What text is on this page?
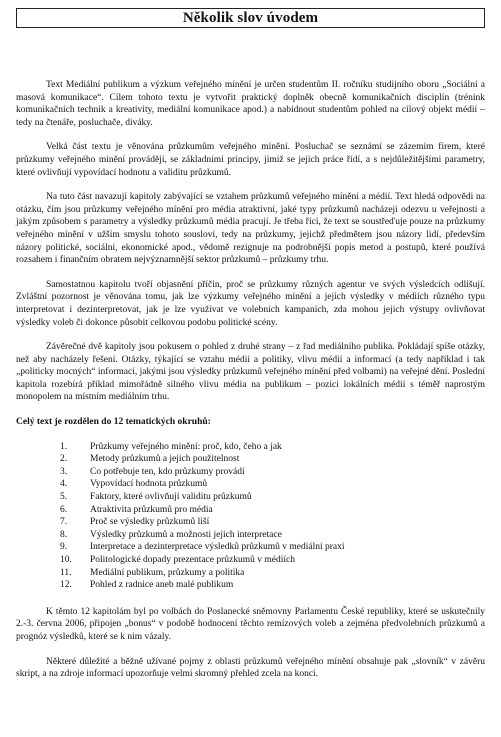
Několik slov úvodem

Text Mediální publikum a výzkum veřejného mínění je určen studentům II. ročníku studijního oboru „Sociální a masová komunikace“. Cílem tohoto textu je vytvořit praktický doplněk obecně komunikačních disciplín (trénink komunikačních technik a kreativity, mediální komunikace apod.) a nabídnout studentům pohled na cílový objekt médií – tedy na čtenáře, posluchače, diváky.

Velká část textu je věnována průzkumům veřejného mínění. Posluchač se seznámí se zázemím firem, které průzkumy veřejného mínění provádějí, se základními principy, jimiž se jejich práce řídí, a s nejdůležitějšími parametry, které ovlivňují vypovídací hodnotu a validitu průzkumů.

Na tuto část navazují kapitoly zabývající se vztahem průzkumů veřejného mínění a médií. Text hledá odpovědi na otázku, čím jsou průzkumy veřejného mínění pro média atraktivní, jaké typy průzkumů nacházejí odezvu u veřejnosti a jakým způsobem s parametry a výsledky průzkumů média pracují. Je třeba říci, že text se soustřeďuje pouze na průzkumy veřejného mínění v užším smyslu tohoto sousloví, tedy na průzkumy, jejichž předmětem jsou názory lidí, především názory politické, sociální, ekonomické apod., vědomě rezignuje na podrobnější popis metod a postupů, které používá rozsahem i finančním obratem nejvýznamnější sektor průzkumů – průzkumy trhu.

Samostatnou kapitolu tvoří objasnění příčin, proč se průzkumy různých agentur ve svých výsledcích odlišují. Zvláštní pozornost je věnována tomu, jak lze výzkumy veřejného mínění a jejich výsledky v médiích různého typu interpretovat i dezinterpretovat, jak je lze využívat ve volebních kampaních, zda mohou jejich výstupy ovlivňovat výsledky voleb či dokonce působit celkovou podobu politické scény.

Závěrečné dvě kapitoly jsou pokusem o pohled z druhé strany – z řad mediálního publika. Pokládají spíše otázky, než aby nacházely řešení. Otázky, týkající se vztahu médií a politiky, vlivu médií a informací (a tedy například i tak „politicky mocných“ informací, jakými jsou výsledky průzkumů veřejného mínění před volbami) na veřejné dění. Poslední kapitola rozebírá příklad mimořádně silného vlivu média na publikum – pozici lokálních médií s téměř naprostým monopolem na místním mediálním trhu.

Celý text je rozdělen do 12 tematických okruhů:

1.	Průzkumy veřejného mínění: proč, kdo, čeho a jak
2.	Metody průzkumů a jejich použitelnost
3.	Co potřebuje ten, kdo průzkumy provádí
4.	Vypovídací hodnota průzkumů
5.	Faktory, které ovlivňují validitu průzkumů
6.	Atraktivita průzkumů pro média
7.	Proč se výsledky průzkumů liší
8.	Výsledky průzkumů a možnosti jejich interpretace
9.	Interpretace a dezinterpretace výsledků průzkumů v mediální praxi
10.	Politologické dopady prezentace průzkumů v médiích
11.	Mediální publikum, průzkumy a politika
12.	Pohled z radnice aneb malé publikum

K těmto 12 kapitolám byl po volbách do Poslanecké sněmovny Parlamentu České republiky, které se uskutečnily 2.-3. června 2006, připojen „bonus“ v podobě hodnocení těchto remízových voleb a zejména předvolebních průzkumů a prognóz výsledků, které se k nim vázaly.

Některé důležité a běžně užívané pojmy z oblasti průzkumů veřejného mínění obsahuje pak „slovník“ v závěru skript, a na zdroje informací upozorňuje velmi skromný přehled zcela na konci.
